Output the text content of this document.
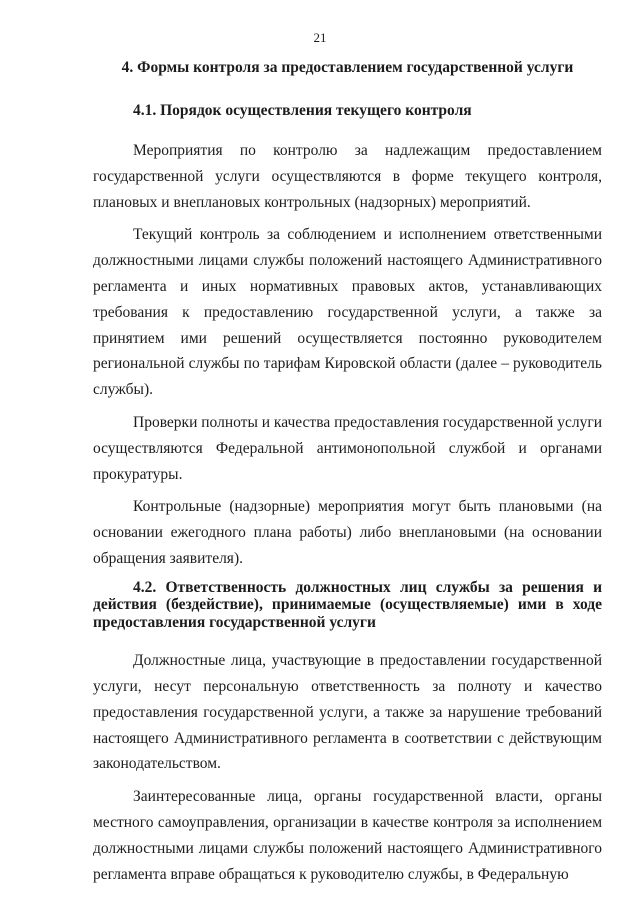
21
4. Формы контроля за предоставлением государственной услуги
4.1. Порядок осуществления текущего контроля

Мероприятия по контролю за надлежащим предоставлением государственной услуги осуществляются в форме текущего контроля, плановых и внеплановых контрольных (надзорных) мероприятий.

Текущий контроль за соблюдением и исполнением ответственными должностными лицами службы положений настоящего Административного регламента и иных нормативных правовых актов, устанавливающих требования к предоставлению государственной услуги, а также за принятием ими решений осуществляется постоянно руководителем региональной службы по тарифам Кировской области (далее – руководитель службы).

Проверки полноты и качества предоставления государственной услуги осуществляются Федеральной антимонопольной службой и органами прокуратуры.

Контрольные (надзорные) мероприятия могут быть плановыми (на основании ежегодного плана работы) либо внеплановыми (на основании обращения заявителя).

4.2. Ответственность должностных лиц службы за решения и действия (бездействие), принимаемые (осуществляемые) ими в ходе предоставления государственной услуги

Должностные лица, участвующие в предоставлении государственной услуги, несут персональную ответственность за полноту и качество предоставления государственной услуги, а также за нарушение требований настоящего Административного регламента в соответствии с действующим законодательством.

Заинтересованные лица, органы государственной власти, органы местного самоуправления, организации в качестве контроля за исполнением должностными лицами службы положений настоящего Административного регламента вправе обращаться к руководителю службы, в Федеральную
